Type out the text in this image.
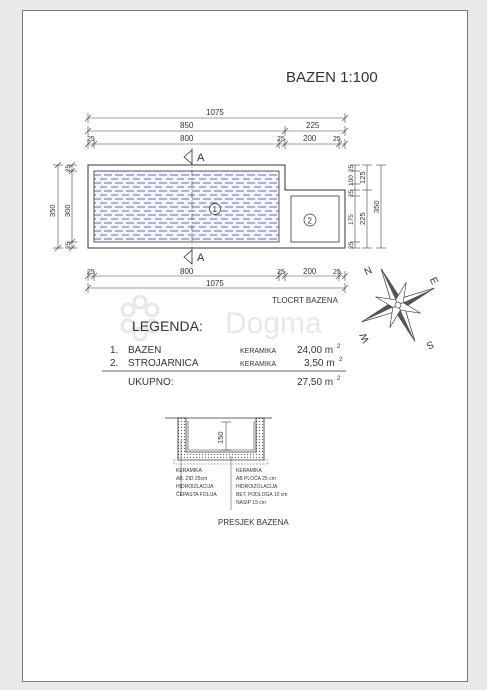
BAZEN 1:100
1075
850	225
25	800	25 200 25
A
A
1
2
350
25
300
25
25
100
25
175
25
125
225
350
25	800	25 200 25
1075
TLOCRT BAZENA
Dogma
N
E
S
W
LEGENDA:
1. BAZEN	KERAMIKA 24,00 m 2
2. STROJARNICA	KERAMIKA	3,50 m 2
UKUPNO:	27,50 m 2
150
KERAMIKA
AB. ZID 25cm
HIDROIZLACIJA
ČEPASTA FOLIJA
KERAMIKA
AB PLOČA 25 cm
HIDROIZOLACIJA
BET. PODLOGA 10 cm
NASIP 15 cm
PRESJEK BAZENA
